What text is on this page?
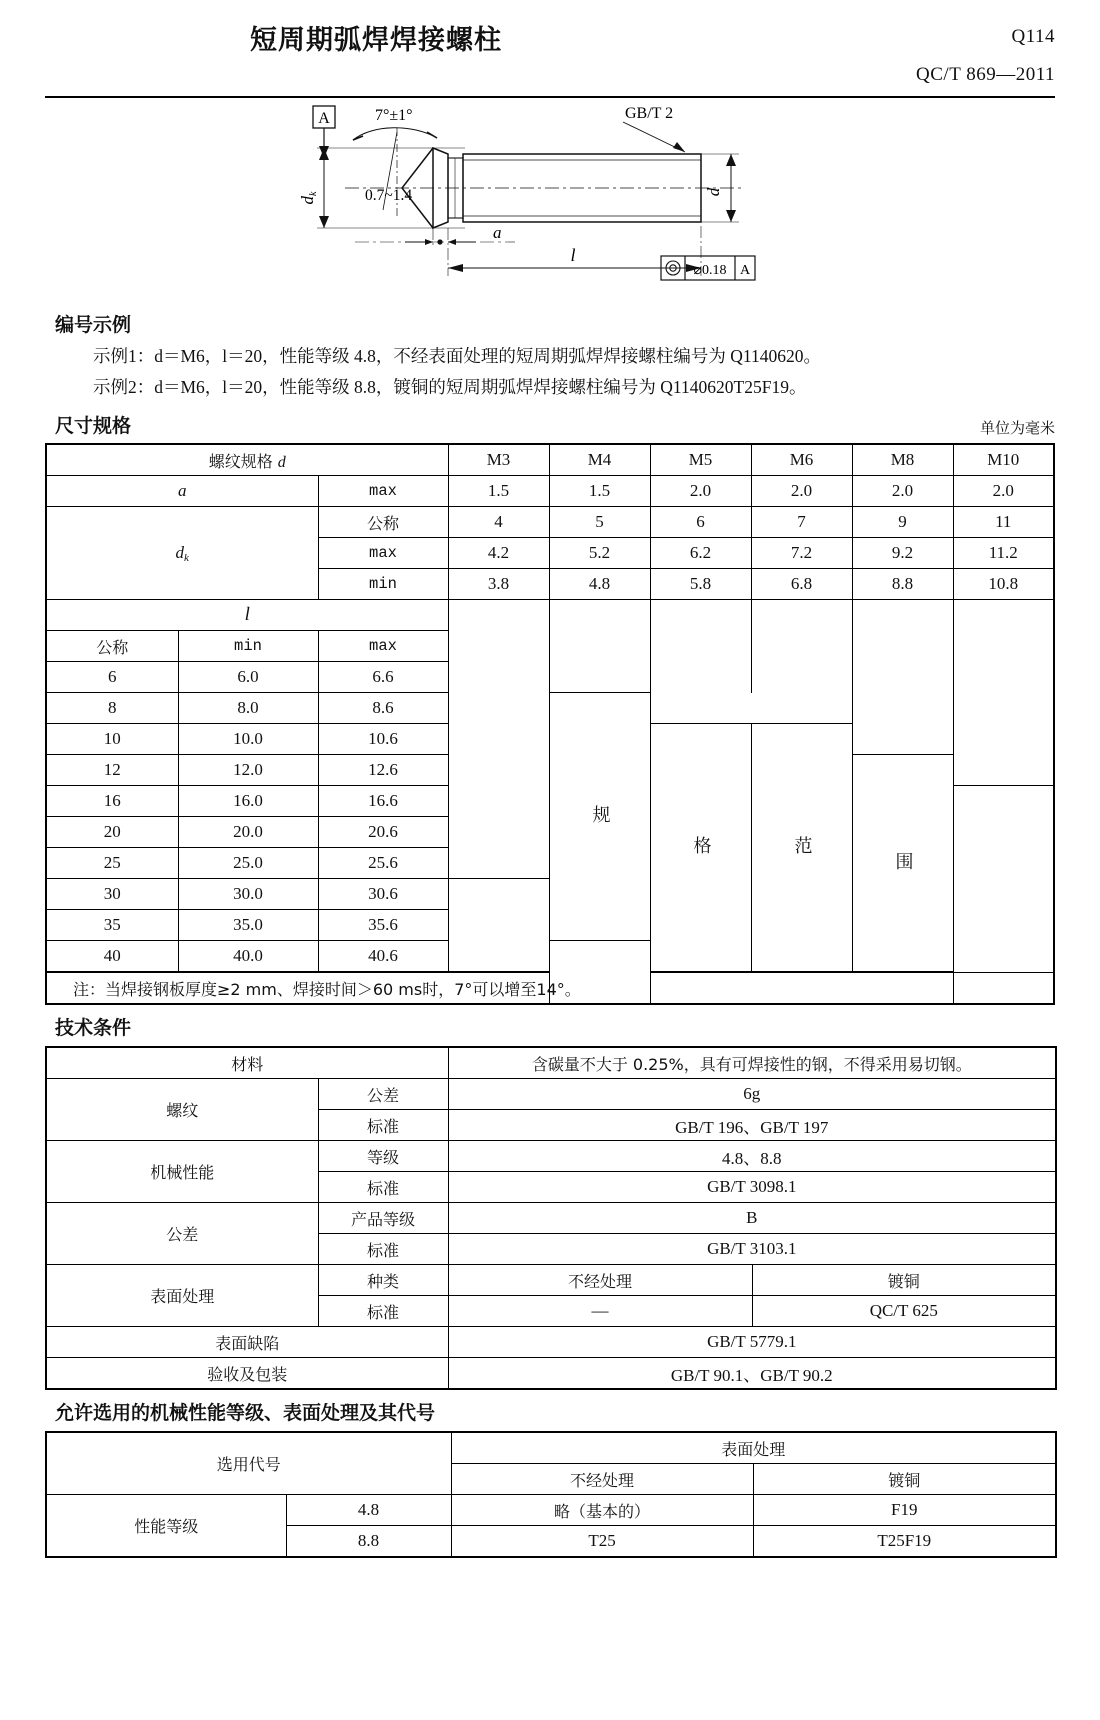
短周期弧焊焊接螺柱	Q114
QC/T 869—2011
A	7°±1°
dk	d
GB/T 2
0.7~1.4
a
l
⌀0.18 A
编号示例
示例1：d＝M6，l＝20，性能等级 4.8，不经表面处理的短周期弧焊焊接螺柱编号为 Q1140620。
示例2：d＝M6，l＝20，性能等级 8.8，镀铜的短周期弧焊焊接螺柱编号为 Q1140620T25F19。
尺寸规格	单位为毫米
螺纹规格 d			M3	M4	M5	M6	M8	M10
a		max	1.5	1.5	2.0	2.0	2.0	2.0
$d_k$		公称	4	5	6	7	9	11
		max	4.2	5.2	6.2	7.2	9.2	11.2
		min	3.8	4.8	5.8	6.8	8.8	10.8
l								
公称	min	max						
6	6.0	6.6						
8	8.0	8.6		规				
10	10.0	10.6			格	范		
12	12.0	12.6					围	
16	16.0	16.6						
20	20.0	20.6						
25	25.0	25.6						
30	30.0	30.6						
35	35.0	35.6						
40	40.0	40.6						
注：当焊接钢板厚度≥2 mm、焊接时间＞60 ms时，7°可以增至14°。								
技术条件
材料		含碳量不大于 0.25%，具有可焊接性的钢，不得采用易切钢。	
螺纹	公差	6g	
	标准	GB/T 196、GB/T 197	
机械性能	等级	4.8、8.8	
	标准	GB/T 3098.1	
公差	产品等级	B	
	标准	GB/T 3103.1	
表面处理	种类	不经处理	镀铜
	标准	—	QC/T 625
表面缺陷		GB/T 5779.1	
验收及包装		GB/T 90.1、GB/T 90.2	
允许选用的机械性能等级、表面处理及其代号
选用代号		表面处理	
		不经处理	镀铜
性能等级	4.8	略（基本的）	F19
	8.8	T25	T25F19
